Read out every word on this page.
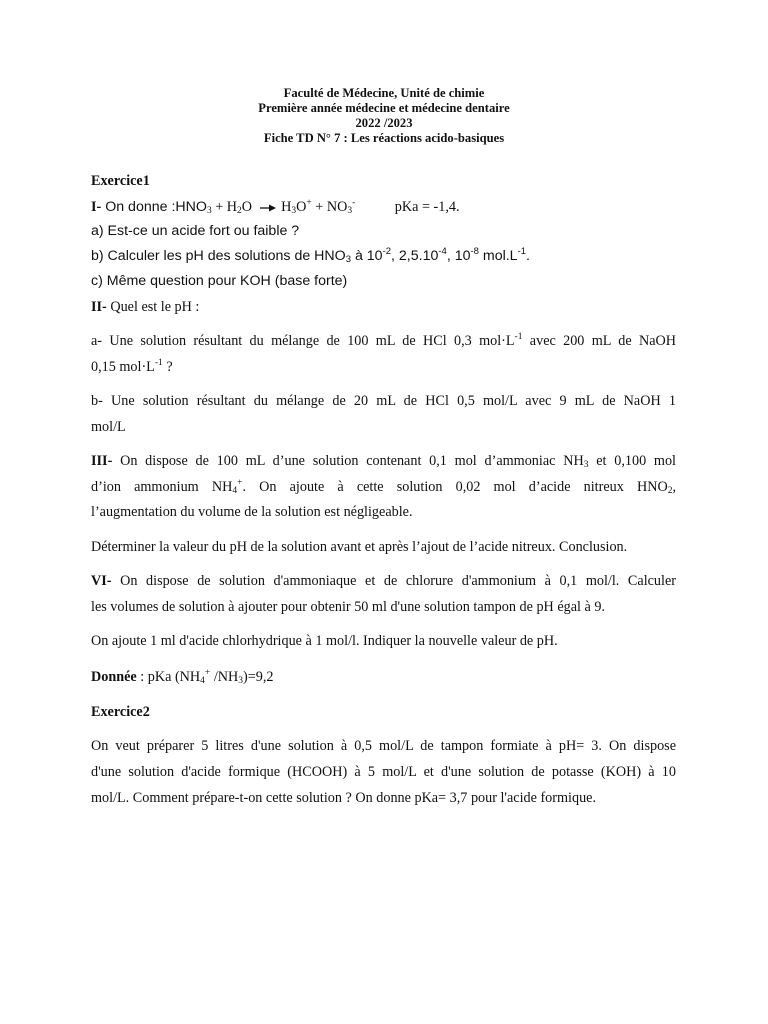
Faculté de Médecine, Unité de chimie
Première année médecine et médecine dentaire
2022 /2023
Fiche TD N° 7 : Les réactions acido-basiques
Exercice1
I- On donne $:HNO_3 + H_2O \to H_3O^+ + NO_3^-$	pKa = -1,4.
a) Est-ce un acide fort ou faible ?
b) Calculer les pH des solutions de $HNO_3$ à $10^{-2}$, $2,5.10^{-4}$, $10^{-8}$ $mol.L^{-1}$.
c) Même question pour KOH (base forte)
II- Quel est le pH :
a- Une solution résultant du mélange de 100 mL de HCl 0,3 $mol\cdot L^{-1}$ avec 200 mL de NaOH
0,15 $mol\cdot L^{-1}$ ?
b- Une solution résultant du mélange de 20 mL de HCl 0,5 mol/L avec 9 mL de NaOH 1
mol/L
III- On dispose de 100 mL d’une solution contenant 0,1 mol d’ammoniac $NH_3$ et 0,100 mol
d’ion ammonium $NH_4^+$. On ajoute à cette solution 0,02 mol d’acide nitreux $HNO_2$,
l’augmentation du volume de la solution est négligeable.
Déterminer la valeur du pH de la solution avant et après l’ajout de l’acide nitreux. Conclusion.
VI- On dispose de solution d'ammoniaque et de chlorure d'ammonium à 0,1 mol/l. Calculer
les volumes de solution à ajouter pour obtenir 50 ml d'une solution tampon de pH égal à 9.
On ajoute 1 ml d'acide chlorhydrique à 1 mol/l. Indiquer la nouvelle valeur de pH.
Donnée : pKa ($NH_4^+$ $/NH_3)=9,2$
Exercice2
On veut préparer 5 litres d'une solution à 0,5 mol/L de tampon formiate à pH= 3. On dispose
d'une solution d'acide formique (HCOOH) à 5 mol/L et d'une solution de potasse (KOH) à 10
mol/L. Comment prépare-t-on cette solution ? On donne pKa= 3,7 pour l'acide formique.
